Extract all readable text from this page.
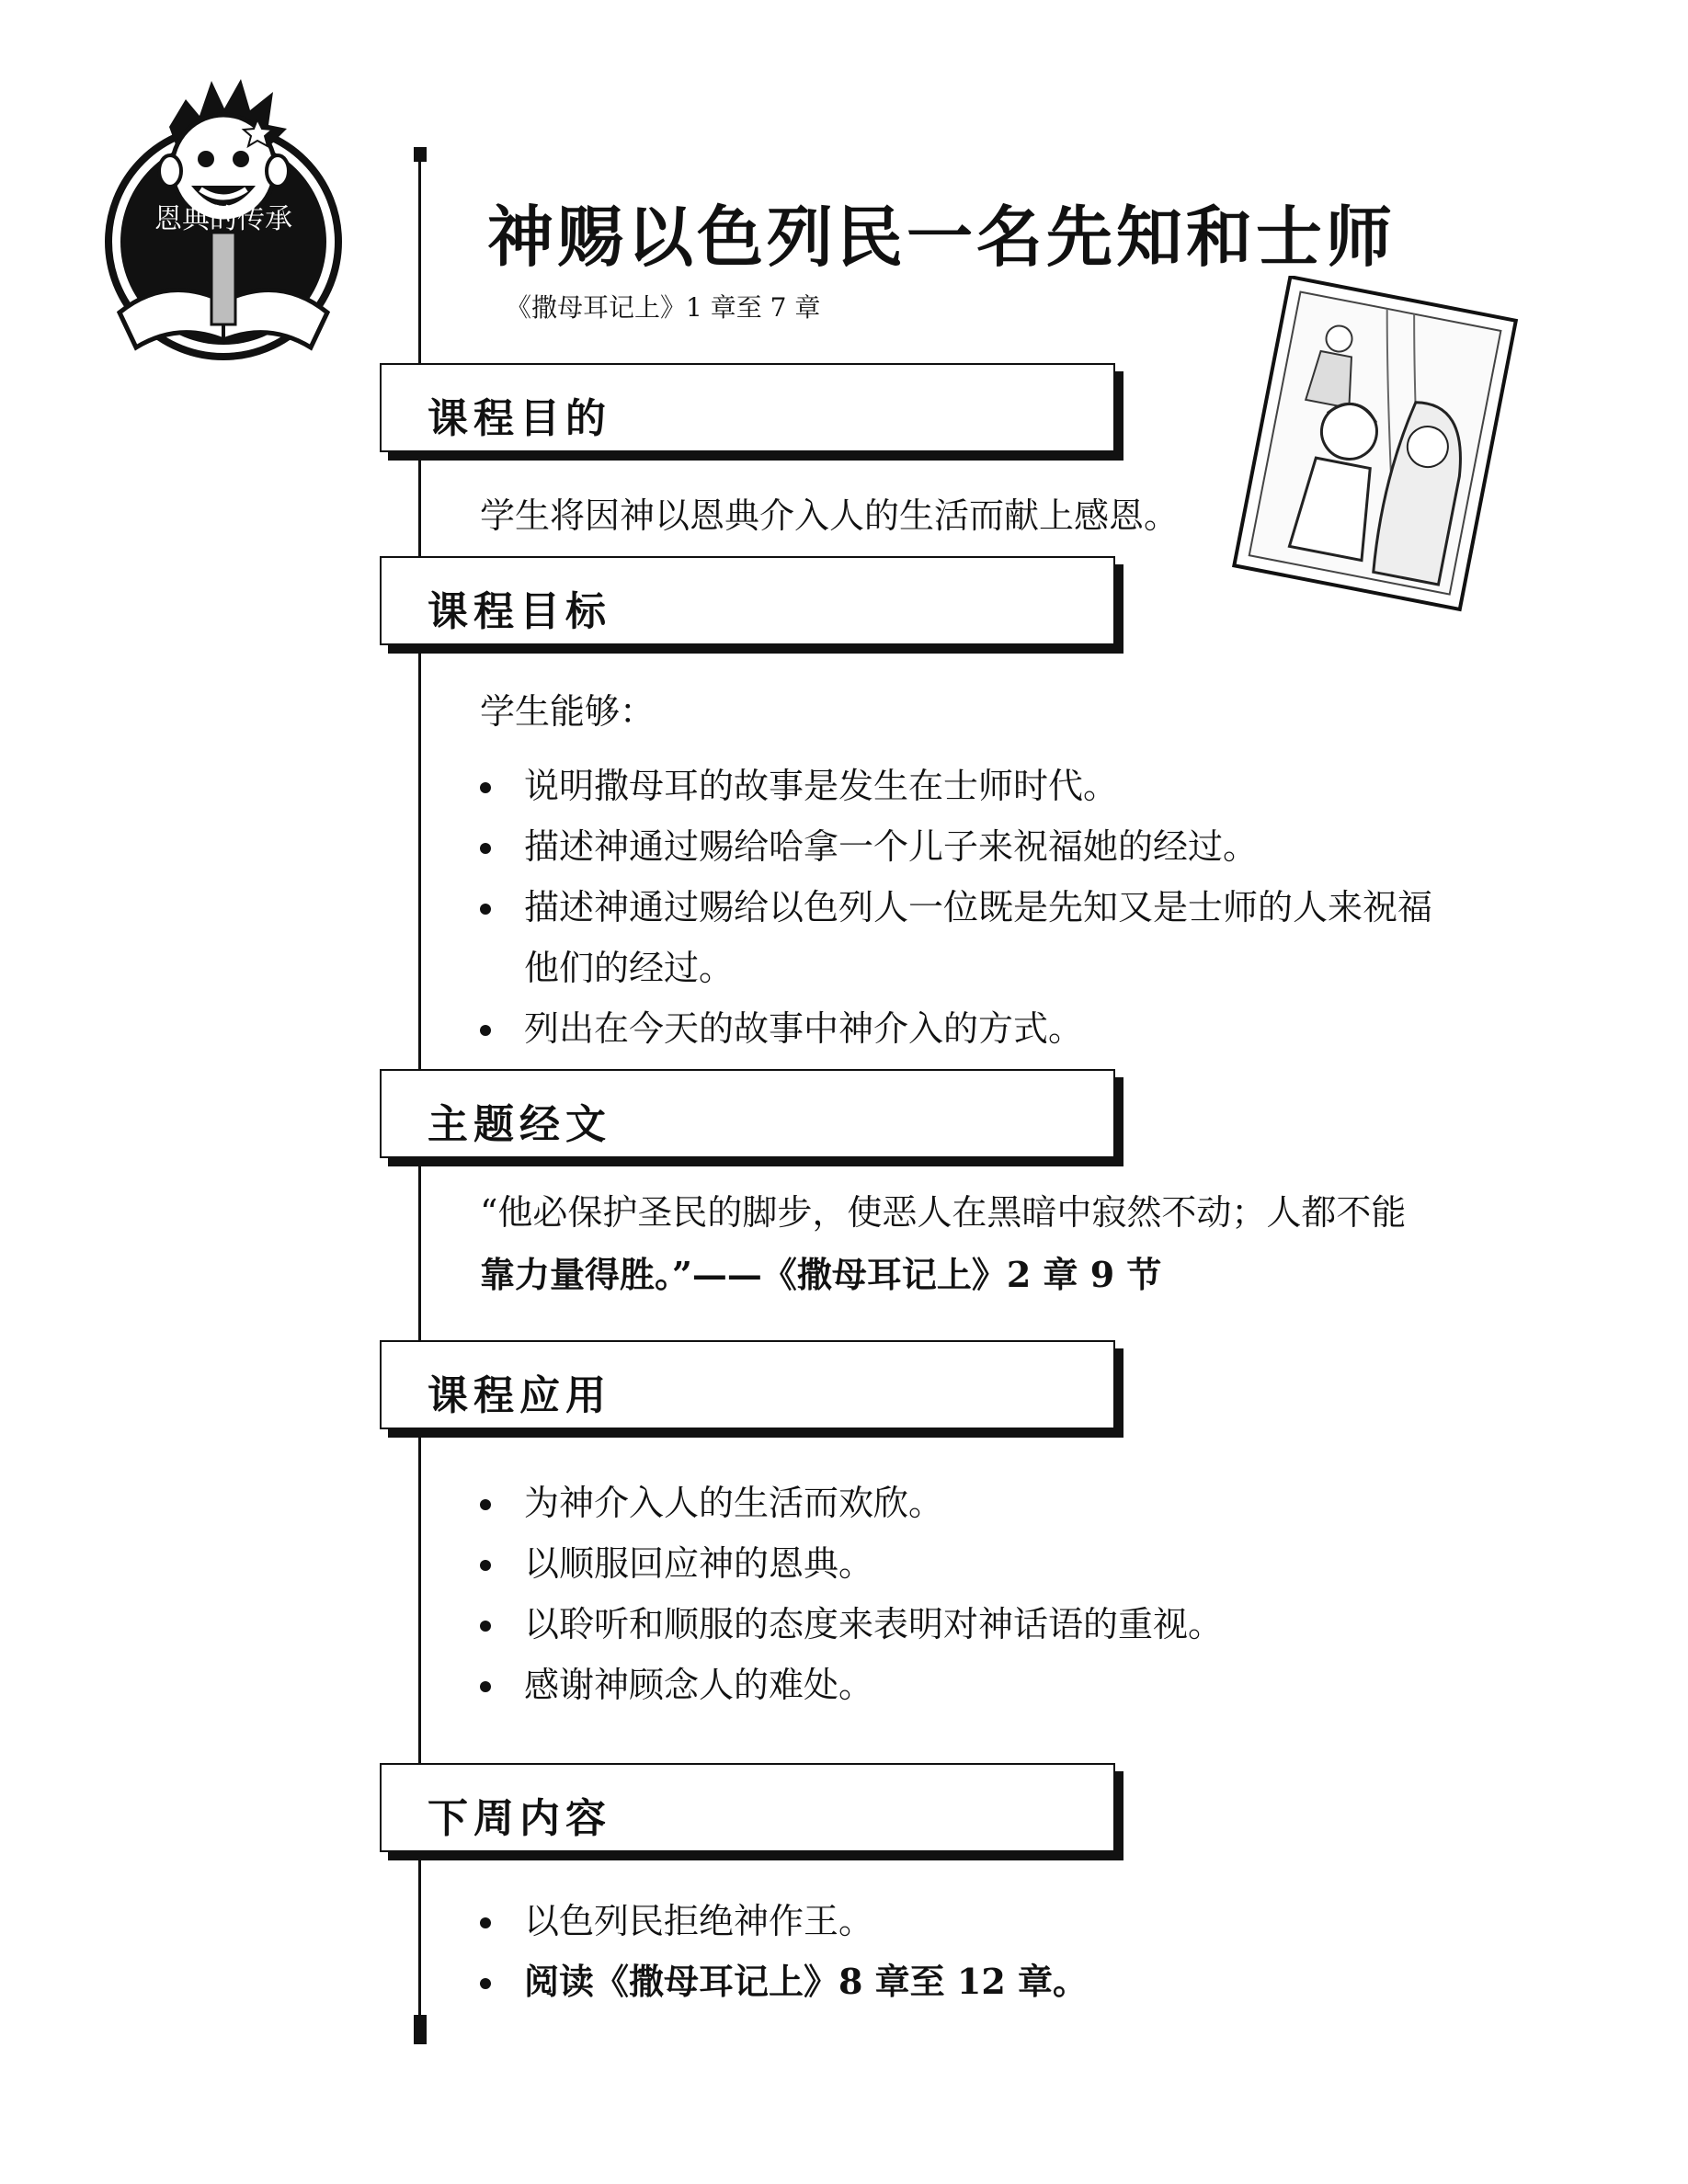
恩典的传承	神赐以色列民一名先知和士师
《撒母耳记上》1 章至 7 章
课程目的
学生将因神以恩典介入人的生活而献上感恩。
课程目标
学生能够：
说明撒母耳的故事是发生在士师时代。
描述神通过赐给哈拿一个儿子来祝福她的经过。
描述神通过赐给以色列人一位既是先知又是士师的人来祝福
他们的经过。
列出在今天的故事中神介入的方式。
主题经文
“他必保护圣民的脚步，使恶人在黑暗中寂然不动；人都不能
靠力量得胜。”——《撒母耳记上》2 章 9 节
课程应用
为神介入人的生活而欢欣。
以顺服回应神的恩典。
以聆听和顺服的态度来表明对神话语的重视。
感谢神顾念人的难处。
下周内容
以色列民拒绝神作王。
阅读《撒母耳记上》8 章至 12 章。
